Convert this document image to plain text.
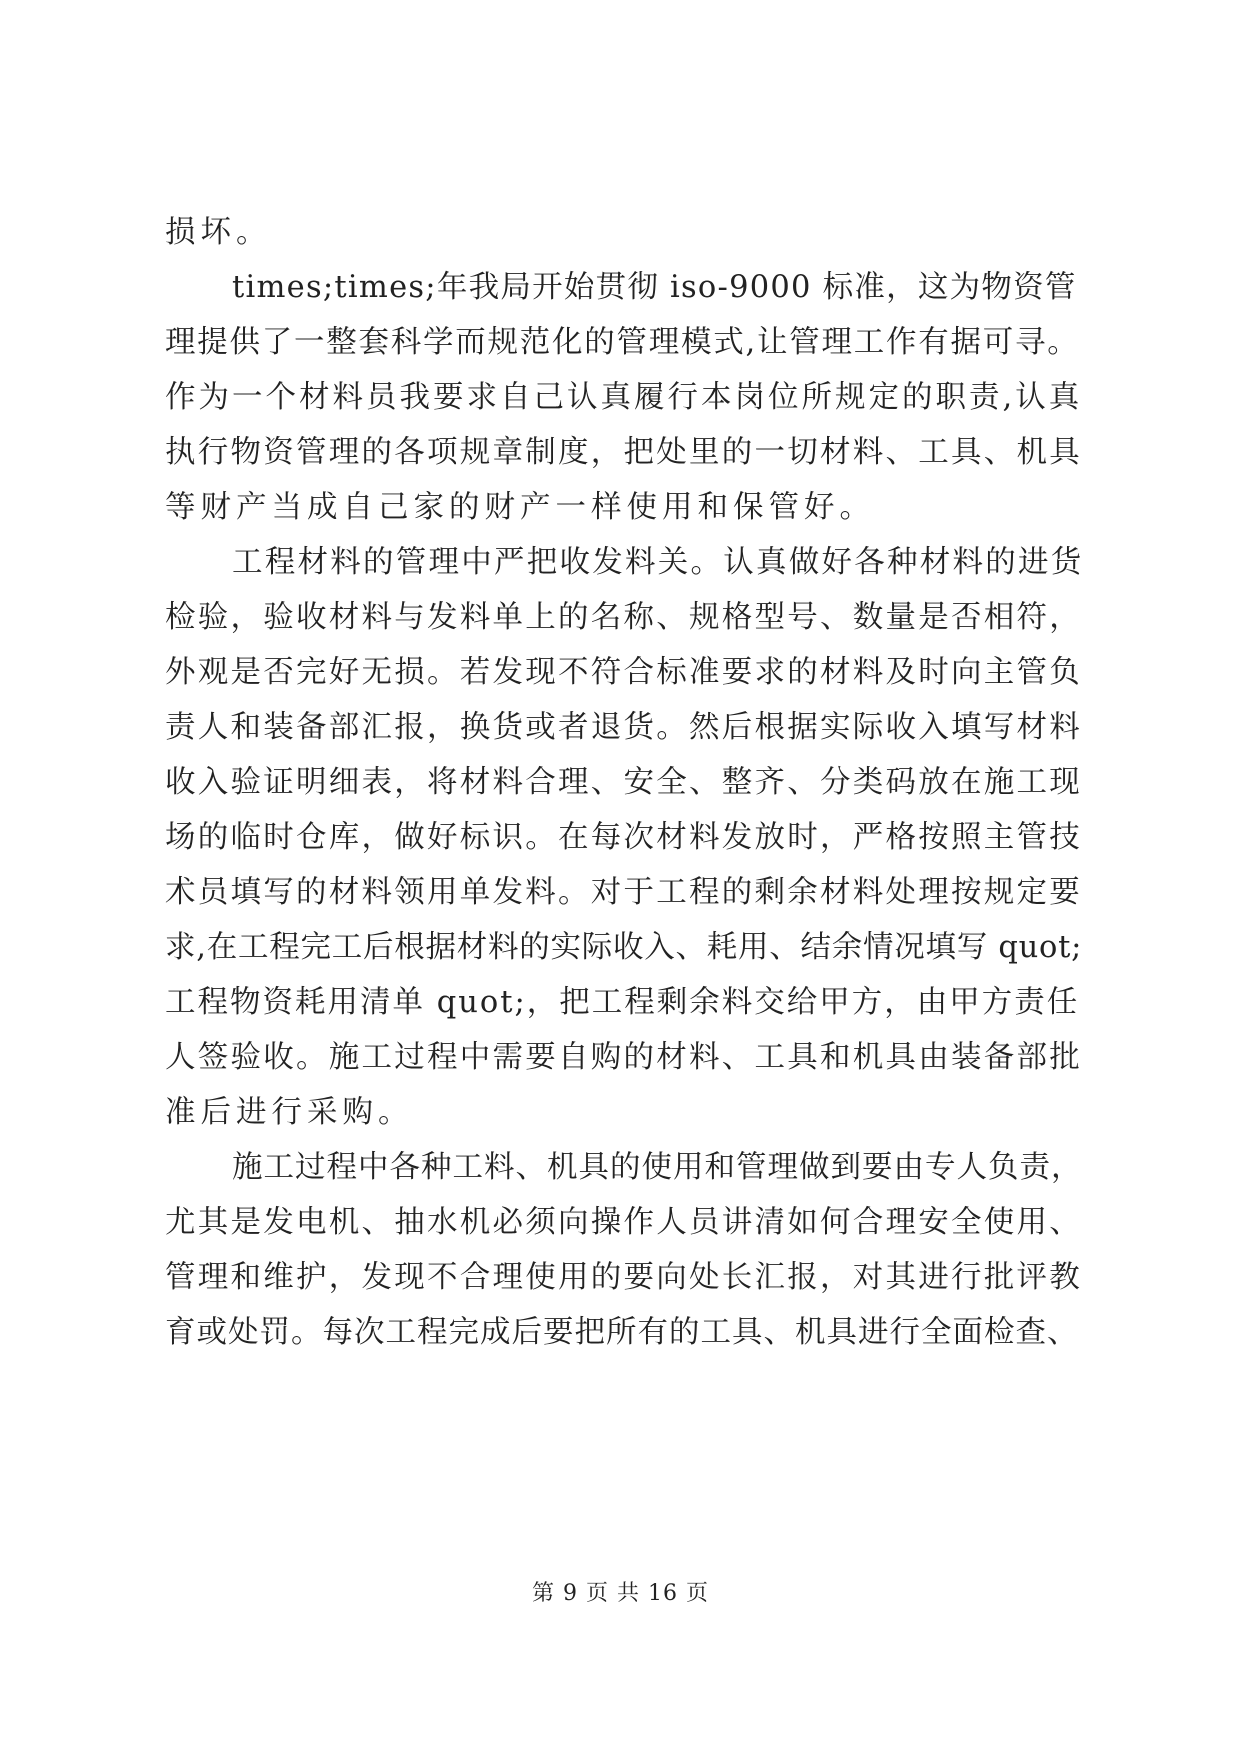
损坏。
times;times;年我局开始贯彻 iso-9000 标准，这为物资管
理提供了一整套科学而规范化的管理模式,让管理工作有据可寻。
作为一个材料员我要求自己认真履行本岗位所规定的职责,认真
执行物资管理的各项规章制度，把处里的一切材料、工具、机具
等财产当成自己家的财产一样使用和保管好。
工程材料的管理中严把收发料关。认真做好各种材料的进货
检验，验收材料与发料单上的名称、规格型号、数量是否相符，
外观是否完好无损。若发现不符合标准要求的材料及时向主管负
责人和装备部汇报，换货或者退货。然后根据实际收入填写材料
收入验证明细表，将材料合理、安全、整齐、分类码放在施工现
场的临时仓库，做好标识。在每次材料发放时，严格按照主管技
术员填写的材料领用单发料。对于工程的剩余材料处理按规定要
求,在工程完工后根据材料的实际收入、耗用、结余情况填写 quot;
工程物资耗用清单 quot;，把工程剩余料交给甲方，由甲方责任
人签验收。施工过程中需要自购的材料、工具和机具由装备部批
准后进行采购。
施工过程中各种工料、机具的使用和管理做到要由专人负责，
尤其是发电机、抽水机必须向操作人员讲清如何合理安全使用、
管理和维护，发现不合理使用的要向处长汇报，对其进行批评教
育或处罚。每次工程完成后要把所有的工具、机具进行全面检查、
第 9 页 共 16 页
